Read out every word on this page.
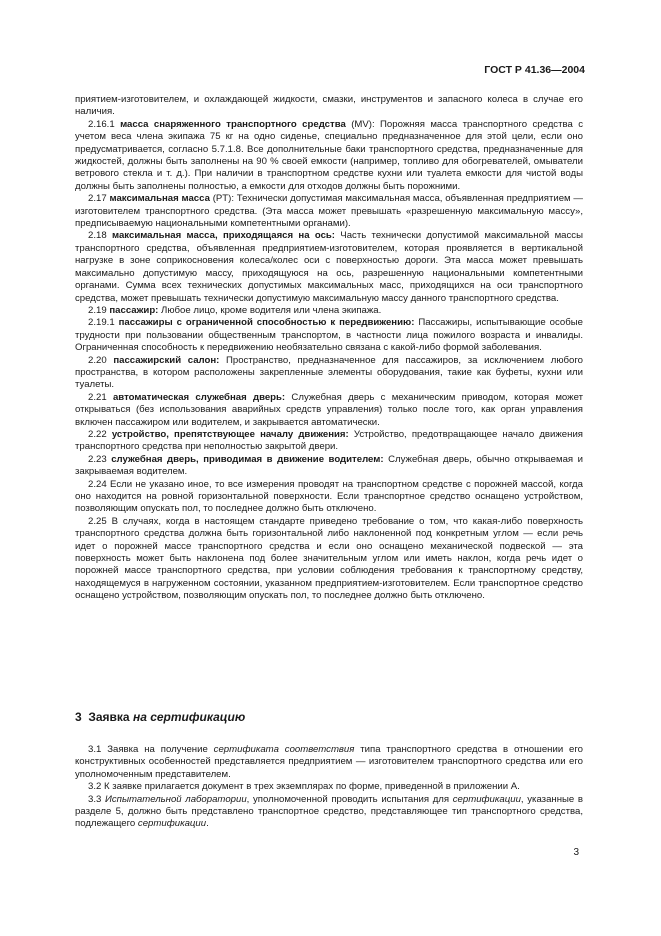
ГОСТ Р 41.36—2004

приятием-изготовителем, и охлаждающей жидкости, смазки, инструментов и запасного колеса в случае его наличия.

2.16.1 масса снаряженного транспортного средства (MV): Порожняя масса транспортного средства с учетом веса члена экипажа 75 кг на одно сиденье, специально предназначенное для этой цели, если оно предусматривается, согласно 5.7.1.8. Все дополнительные баки транспортного средства, предназначенные для жидкостей, должны быть заполнены на 90 % своей емкости (например, топливо для обогревателей, омыватели ветрового стекла и т. д.). При наличии в транспортном средстве кухни или туалета емкости для чистой воды должны быть заполнены полностью, а емкости для отходов должны быть порожними.

2.17 максимальная масса (PT): Технически допустимая максимальная масса, объявленная предприятием — изготовителем транспортного средства. (Эта масса может превышать «разрешенную максимальную массу», предписываемую национальными компетентными органами).

2.18 максимальная масса, приходящаяся на ось: Часть технически допустимой максимальной массы транспортного средства, объявленная предприятием-изготовителем, которая проявляется в вертикальной нагрузке в зоне соприкосновения колеса/колес оси с поверхностью дороги. Эта масса может превышать максимально допустимую массу, приходящуюся на ось, разрешенную национальными компетентными органами. Сумма всех технических допустимых максимальных масс, приходящихся на оси транспортного средства, может превышать технически допустимую максимальную массу данного транспортного средства.

2.19 пассажир: Любое лицо, кроме водителя или члена экипажа.

2.19.1 пассажиры с ограниченной способностью к передвижению: Пассажиры, испытывающие особые трудности при пользовании общественным транспортом, в частности лица пожилого возраста и инвалиды. Ограниченная способность к передвижению необязательно связана с какой-либо формой заболевания.

2.20 пассажирский салон: Пространство, предназначенное для пассажиров, за исключением любого пространства, в котором расположены закрепленные элементы оборудования, такие как буфеты, кухни или туалеты.

2.21 автоматическая служебная дверь: Служебная дверь с механическим приводом, которая может открываться (без использования аварийных средств управления) только после того, как орган управления включен пассажиром или водителем, и закрывается автоматически.

2.22 устройство, препятствующее началу движения: Устройство, предотвращающее начало движения транспортного средства при неполностью закрытой двери.

2.23 служебная дверь, приводимая в движение водителем: Служебная дверь, обычно открываемая и закрываемая водителем.

2.24 Если не указано иное, то все измерения проводят на транспортном средстве с порожней массой, когда оно находится на ровной горизонтальной поверхности. Если транспортное средство оснащено устройством, позволяющим опускать пол, то последнее должно быть отключено.

2.25 В случаях, когда в настоящем стандарте приведено требование о том, что какая-либо поверхность транспортного средства должна быть горизонтальной либо наклоненной под конкретным углом — если речь идет о порожней массе транспортного средства и если оно оснащено механической подвеской — эта поверхность может быть наклонена под более значительным углом или иметь наклон, когда речь идет о порожней массе транспортного средства, при условии соблюдения требования к транспортному средству, находящемуся в нагруженном состоянии, указанном предприятием-изготовителем. Если транспортное средство оснащено устройством, позволяющим опускать пол, то последнее должно быть отключено.

3 Заявка на сертификацию

3.1 Заявка на получение сертификата соответствия типа транспортного средства в отношении его конструктивных особенностей представляется предприятием — изготовителем транспортного средства или его уполномоченным представителем.

3.2 К заявке прилагается документ в трех экземплярах по форме, приведенной в приложении А.

3.3 Испытательной лаборатории, уполномоченной проводить испытания для сертификации, указанные в разделе 5, должно быть представлено транспортное средство, представляющее тип транспортного средства, подлежащего сертификации.

3
